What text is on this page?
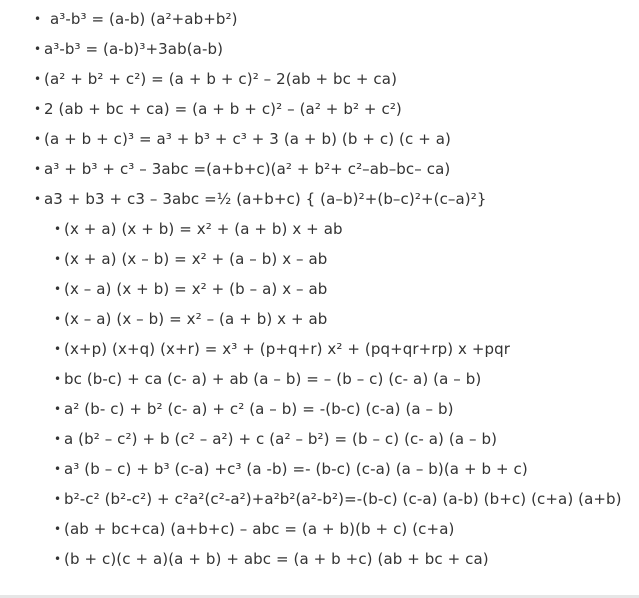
• a³-b³ = (a-b) (a²+ab+b²)
• a³-b³ = (a-b)³+3ab(a-b)
• (a² + b² + c²) = (a + b + c)² – 2(ab + bc + ca)
• 2 (ab + bc + ca) = (a + b + c)² – (a² + b² + c²)
• (a + b + c)³ = a³ + b³ + c³ + 3 (a + b) (b + c) (c + a)
• a³ + b³ + c³ – 3abc =(a+b+c)(a² + b²+ c²–ab–bc– ca)
• a3 + b3 + c3 – 3abc =½ (a+b+c) { (a–b)²+(b–c)²+(c–a)²}
• (x + a) (x + b) = x² + (a + b) x + ab
• (x + a) (x – b) = x² + (a – b) x – ab
• (x – a) (x + b) = x² + (b – a) x – ab
• (x – a) (x – b) = x² – (a + b) x + ab
• (x+p) (x+q) (x+r) = x³ + (p+q+r) x² + (pq+qr+rp) x +pqr
• bc (b-c) + ca (c- a) + ab (a – b) = – (b – c) (c- a) (a – b)
• a² (b- c) + b² (c- a) + c² (a – b) = -(b-c) (c-a) (a – b)
• a (b² – c²) + b (c² – a²) + c (a² – b²) = (b – c) (c- a) (a – b)
• a³ (b – c) + b³ (c-a) +c³ (a -b) =- (b-c) (c-a) (a – b)(a + b + c)
• b²-c² (b²-c²) + c²a²(c²-a²)+a²b²(a²-b²)=-(b-c) (c-a) (a-b) (b+c) (c+a) (a+b)
• (ab + bc+ca) (a+b+c) – abc = (a + b)(b + c) (c+a)
• (b + c)(c + a)(a + b) + abc = (a + b +c) (ab + bc + ca)
